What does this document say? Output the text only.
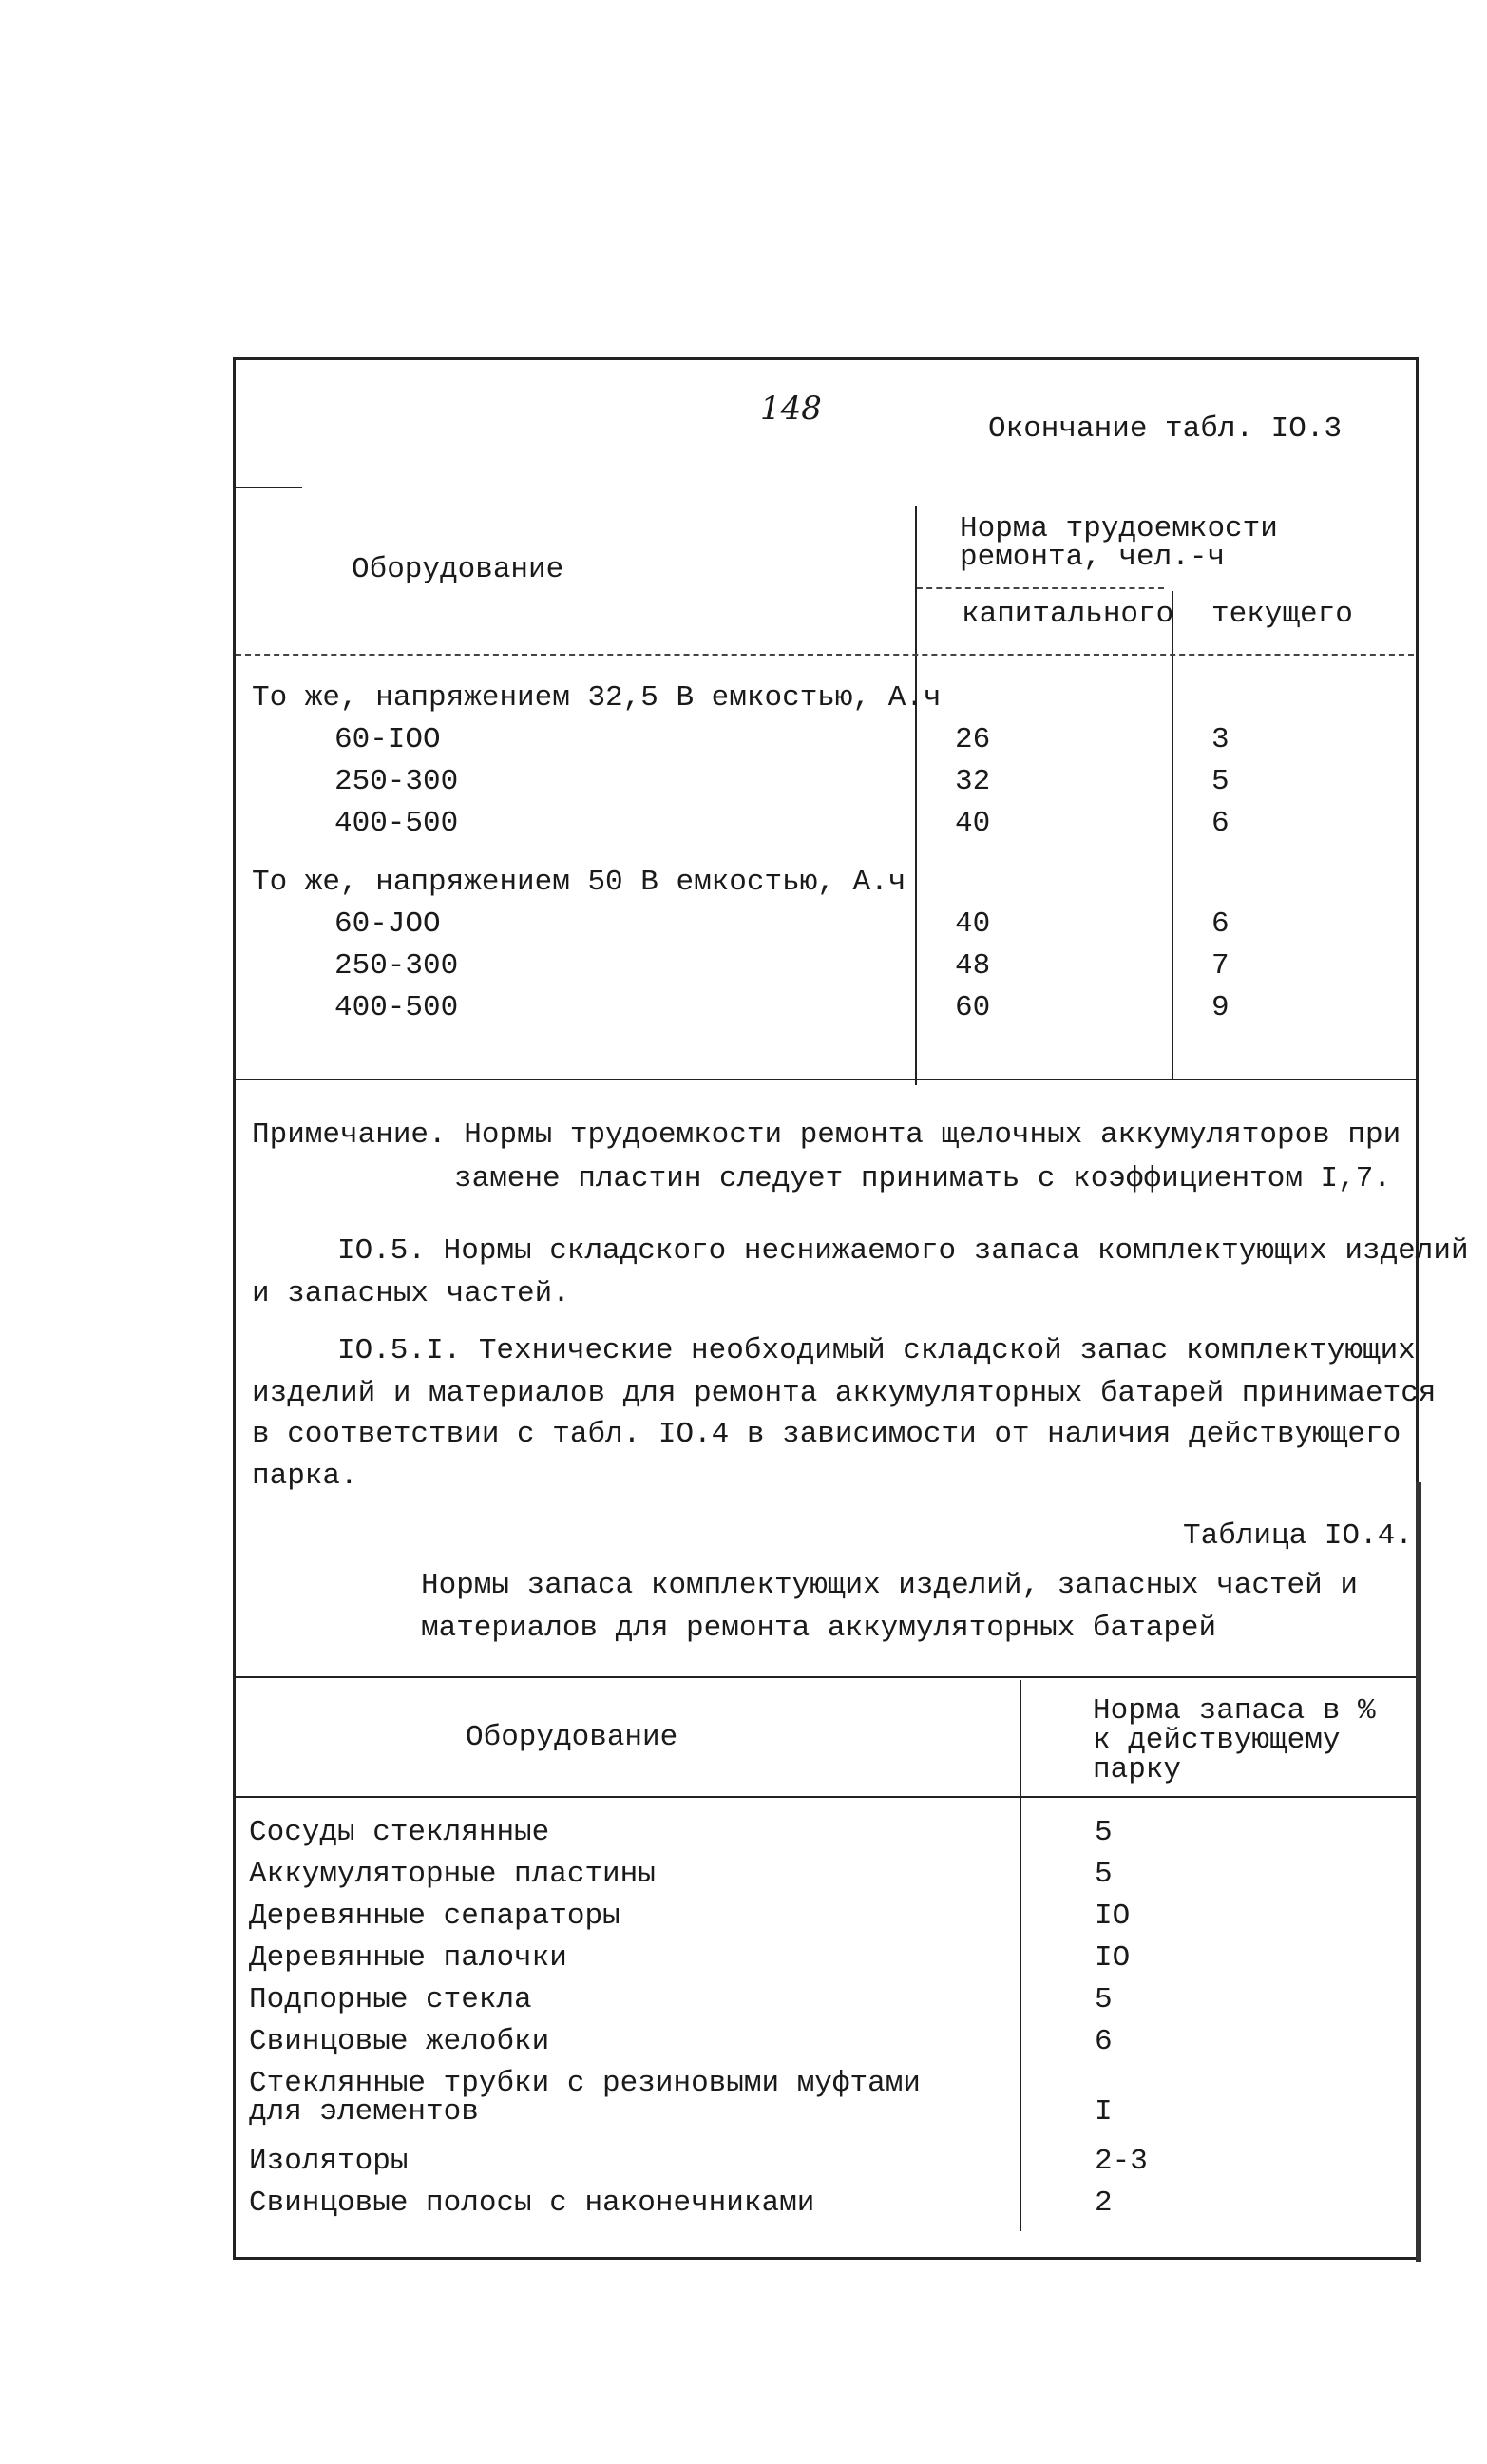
148
Окончание табл. IO.3
Оборудование
Норма трудоемкости
ремонта, чел.-ч
капитального текущего
То же, напряжением 32,5 В емкостью, А.ч
60-IOO	26	3
250-300	32	5
400-500	40	6
То же, напряжением 50 В емкостью, А.ч
60-JOO	40	6
250-300	48	7
400-500	60	9
Примечание. Нормы трудоемкости ремонта щелочных аккумуляторов при
замене пластин следует принимать с коэффициентом I,7.
IO.5. Нормы складского неснижаемого запаса комплектующих изделий
и запасных частей.
IO.5.I. Технические необходимый складской запас комплектующих
изделий и материалов для ремонта аккумуляторных батарей принимается
в соответствии с табл. IO.4 в зависимости от наличия действующего
парка.
Таблица IO.4.
Нормы запаса комплектующих изделий, запасных частей и
материалов для ремонта аккумуляторных батарей
Оборудование
Норма запаса в %
к действующему
парку
Сосуды стеклянные	5
Аккумуляторные пластины	5
Деревянные сепараторы	IO
Деревянные палочки	IO
Подпорные стекла	5
Свинцовые желобки	6
Стеклянные трубки с резиновыми муфтами
для элементов	I
Изоляторы	2-3
Свинцовые полосы с наконечниками	2
